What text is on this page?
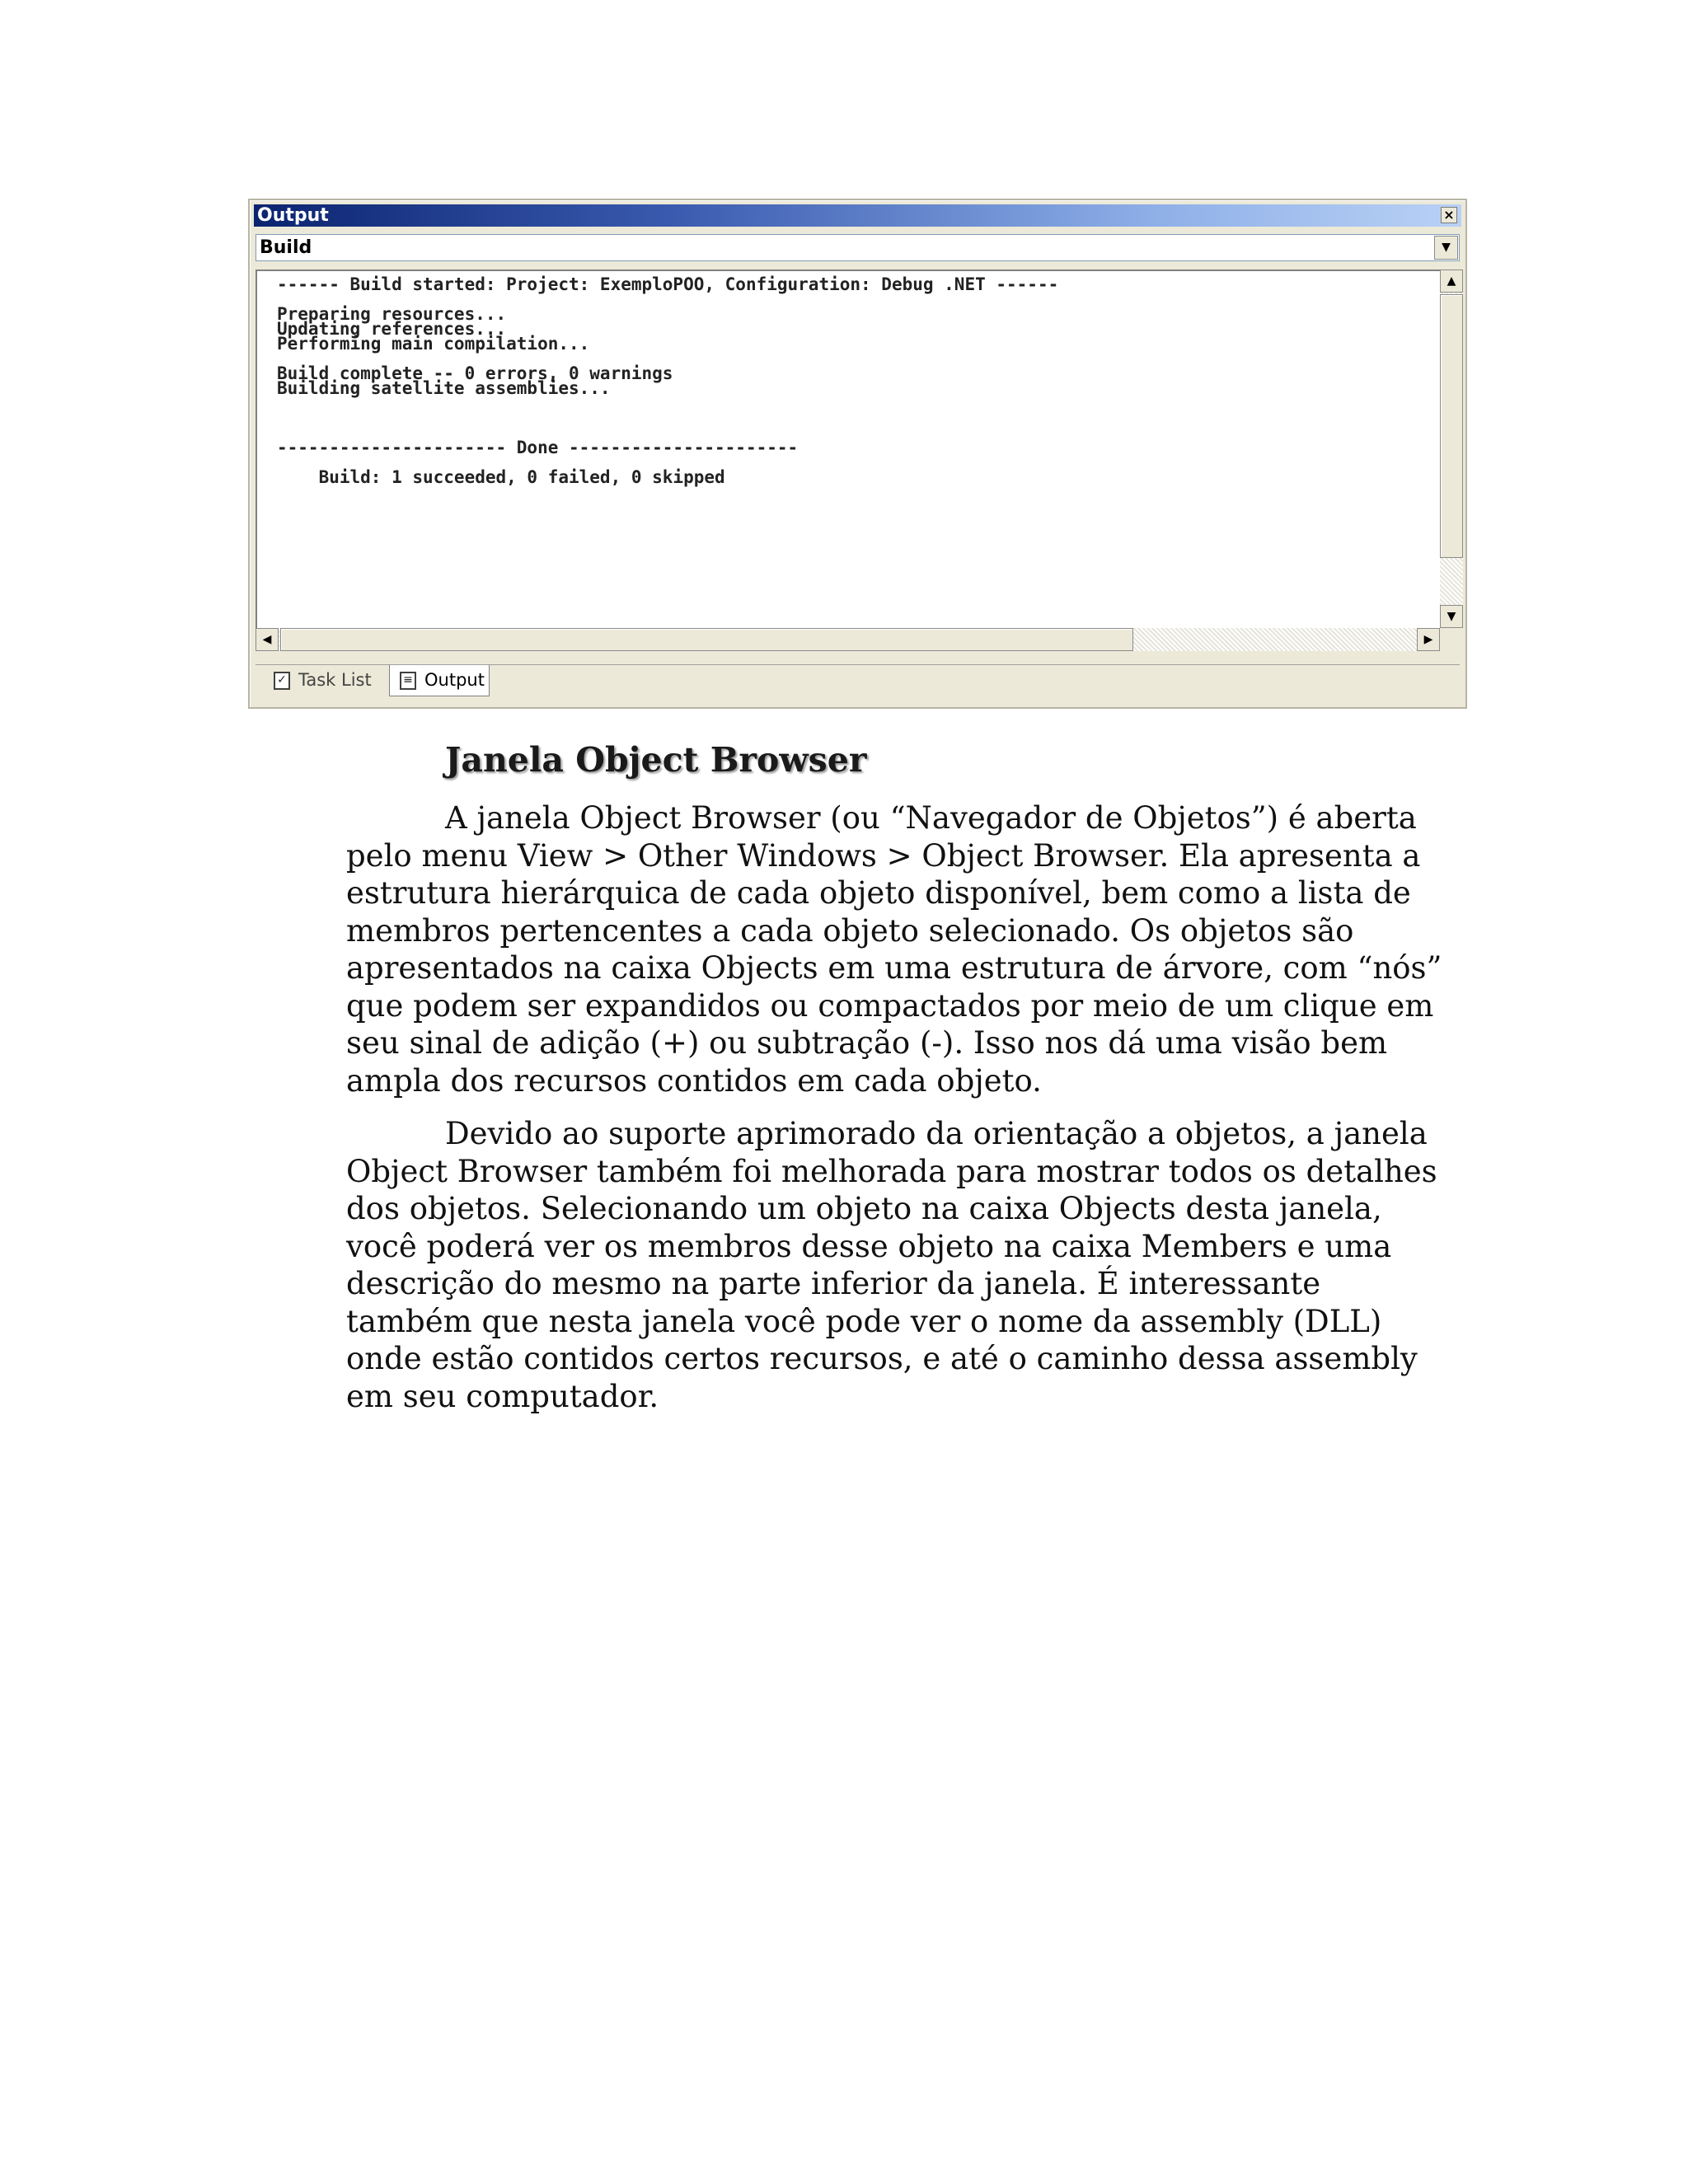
Output	×
Build	▼
------ Build started: Project: ExemploPOO, Configuration: Debug .NET ------
Preparing resources...
Updating references...
Performing main compilation...
Build complete -- 0 errors, 0 warnings
Building satellite assemblies...
---------------------- Done ----------------------
Build: 1 succeeded, 0 failed, 0 skipped
▲
▼
◀	▶
✓ Task List	≡ Output
Janela Object Browser

A janela Object Browser (ou “Navegador de Objetos”) é aberta pelo menu View > Other Windows > Object Browser. Ela apresenta a estrutura hierárquica de cada objeto disponível, bem como a lista de membros pertencentes a cada objeto selecionado. Os objetos são apresentados na caixa Objects em uma estrutura de árvore, com “nós” que podem ser expandidos ou compactados por meio de um clique em seu sinal de adição (+) ou subtração (-). Isso nos dá uma visão bem ampla dos recursos contidos em cada objeto.

Devido ao suporte aprimorado da orientação a objetos, a janela Object Browser também foi melhorada para mostrar todos os detalhes dos objetos. Selecionando um objeto na caixa Objects desta janela, você poderá ver os membros desse objeto na caixa Members e uma descrição do mesmo na parte inferior da janela. É interessante também que nesta janela você pode ver o nome da assembly (DLL) onde estão contidos certos recursos, e até o caminho dessa assembly em seu computador.
